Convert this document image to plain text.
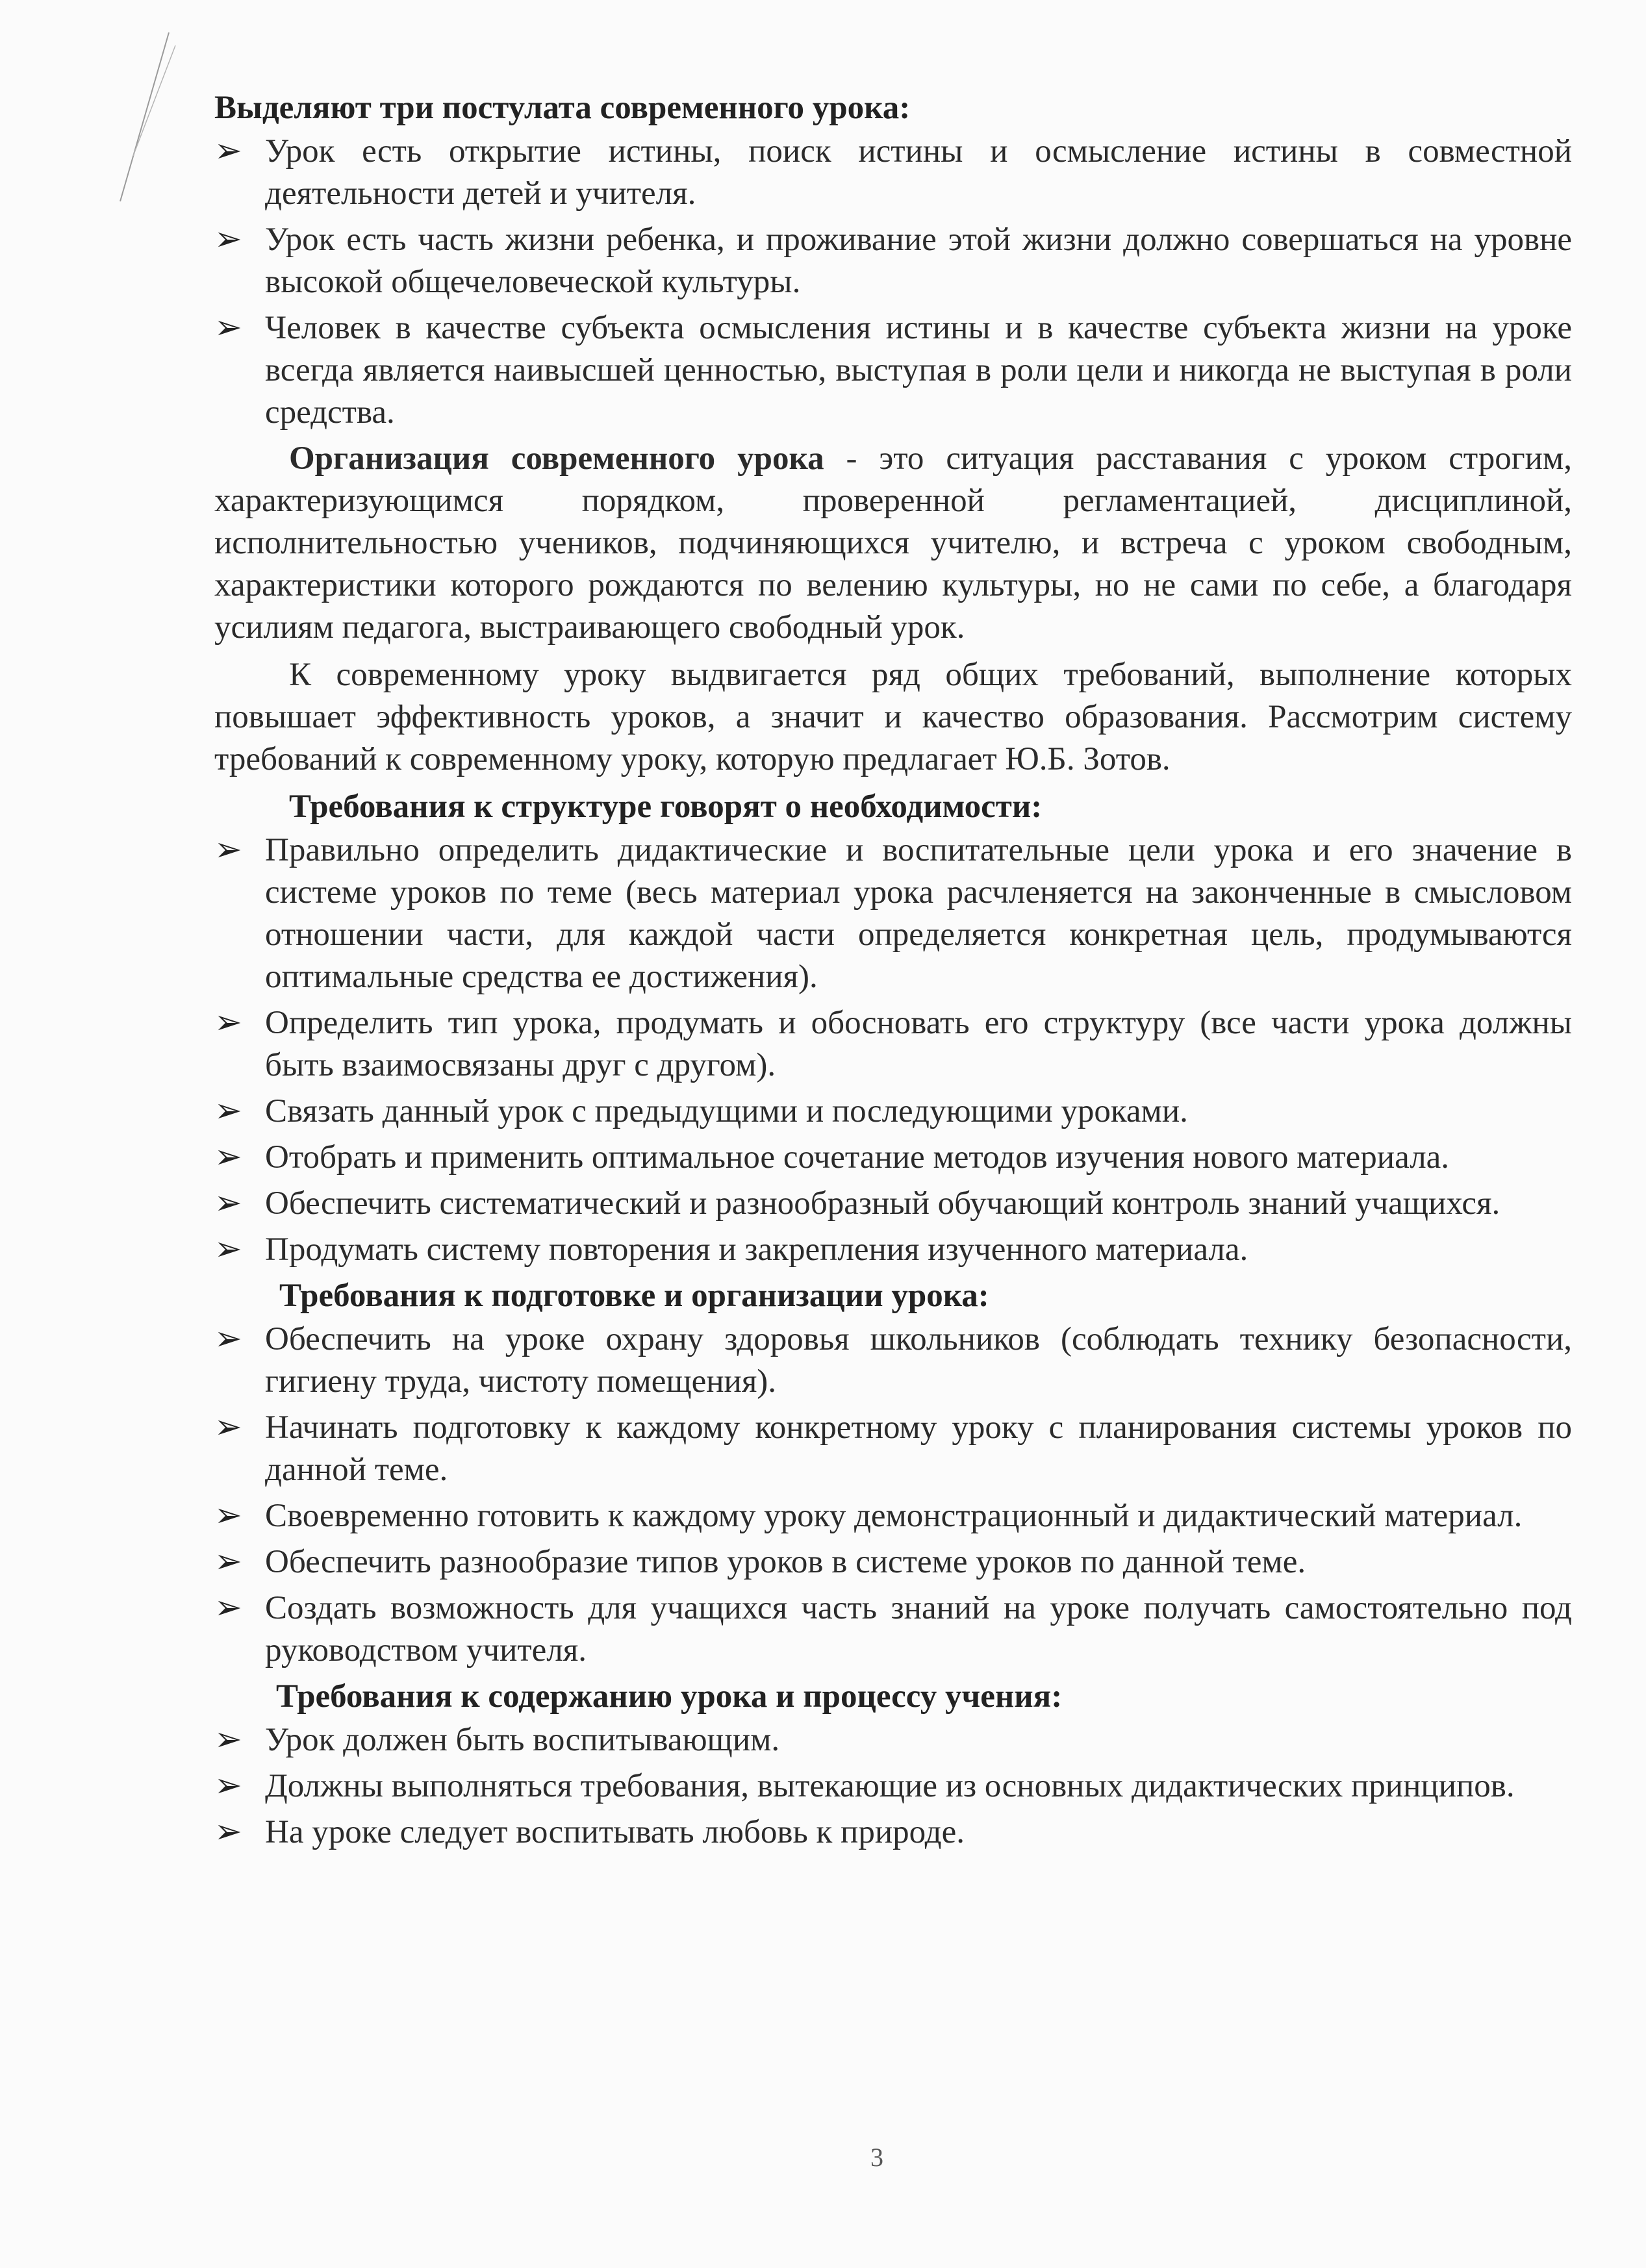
Выделяют три постулата современного урока:
➢ Урок есть открытие истины, поиск истины и осмысление истины в совместной деятельности детей и учителя.
➢ Урок есть часть жизни ребенка, и проживание этой жизни должно совершаться на уровне высокой общечеловеческой культуры.
➢ Человек в качестве субъекта осмысления истины и в качестве субъекта жизни на уроке всегда является наивысшей ценностью, выступая в роли цели и никогда не выступая в роли средства.

Организация современного урока - это ситуация расставания с уроком строгим, характеризующимся порядком, проверенной регламентацией, дисциплиной, исполнительностью учеников, подчиняющихся учителю, и встреча с уроком свободным, характеристики которого рождаются по велению культуры, но не сами по себе, а благодаря усилиям педагога, выстраивающего свободный урок.

К современному уроку выдвигается ряд общих требований, выполнение которых повышает эффективность уроков, а значит и качество образования. Рассмотрим систему требований к современному уроку, которую предлагает Ю.Б. Зотов.

Требования к структуре говорят о необходимости:
➢ Правильно определить дидактические и воспитательные цели урока и его значение в системе уроков по теме (весь материал урока расчленяется на законченные в смысловом отношении части, для каждой части определяется конкретная цель, продумываются оптимальные средства ее достижения).
➢ Определить тип урока, продумать и обосновать его структуру (все части урока должны быть взаимосвязаны друг с другом).
➢ Связать данный урок с предыдущими и последующими уроками.
➢ Отобрать и применить оптимальное сочетание методов изучения нового материала.
➢ Обеспечить систематический и разнообразный обучающий контроль знаний учащихся.
➢ Продумать систему повторения и закрепления изученного материала.
Требования к подготовке и организации урока:
➢ Обеспечить на уроке охрану здоровья школьников (соблюдать технику безопасности, гигиену труда, чистоту помещения).
➢ Начинать подготовку к каждому конкретному уроку с планирования системы уроков по данной теме.
➢ Своевременно готовить к каждому уроку демонстрационный и дидактический материал.
➢ Обеспечить разнообразие типов уроков в системе уроков по данной теме.
➢ Создать возможность для учащихся часть знаний на уроке получать самостоятельно под руководством учителя.
Требования к содержанию урока и процессу учения:
➢ Урок должен быть воспитывающим.
➢ Должны выполняться требования, вытекающие из основных дидактических принципов.
➢ На уроке следует воспитывать любовь к природе.
3
